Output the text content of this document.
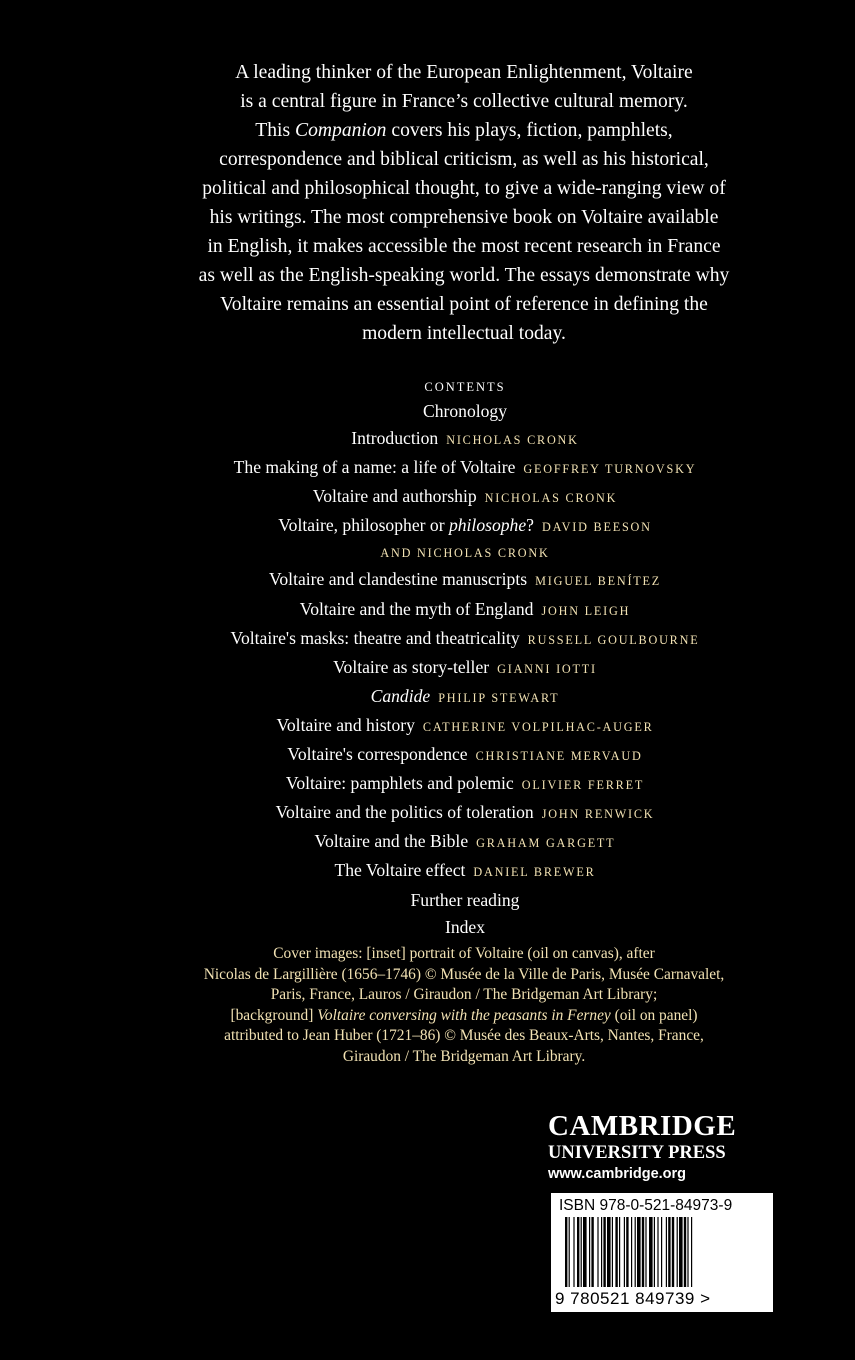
A leading thinker of the European Enlightenment, Voltaire
is a central figure in France’s collective cultural memory.
This Companion covers his plays, fiction, pamphlets,
correspondence and biblical criticism, as well as his historical,
political and philosophical thought, to give a wide-ranging view of
his writings. The most comprehensive book on Voltaire available
in English, it makes accessible the most recent research in France
as well as the English-speaking world. The essays demonstrate why
Voltaire remains an essential point of reference in defining the
modern intellectual today.
CONTENTS
Chronology
Introduction NICHOLAS CRONK
The making of a name: a life of Voltaire GEOFFREY TURNOVSKY
Voltaire and authorship NICHOLAS CRONK
Voltaire, philosopher or philosophe? DAVID BEESON
AND NICHOLAS CRONK
Voltaire and clandestine manuscripts MIGUEL BENÍTEZ
Voltaire and the myth of England JOHN LEIGH
Voltaire's masks: theatre and theatricality RUSSELL GOULBOURNE
Voltaire as story-teller GIANNI IOTTI
Candide PHILIP STEWART
Voltaire and history CATHERINE VOLPILHAC-AUGER
Voltaire's correspondence CHRISTIANE MERVAUD
Voltaire: pamphlets and polemic OLIVIER FERRET
Voltaire and the politics of toleration JOHN RENWICK
Voltaire and the Bible GRAHAM GARGETT
The Voltaire effect DANIEL BREWER
Further reading
Index
Cover images: [inset] portrait of Voltaire (oil on canvas), after
Nicolas de Largillière (1656–1746) © Musée de la Ville de Paris, Musée Carnavalet,
Paris, France, Lauros / Giraudon / The Bridgeman Art Library;
[background] Voltaire conversing with the peasants in Ferney (oil on panel)
attributed to Jean Huber (1721–86) © Musée des Beaux-Arts, Nantes, France,
Giraudon / The Bridgeman Art Library.
CAMBRIDGE
UNIVERSITY PRESS
www.cambridge.org
ISBN 978-0-521-84973-9
9 780521 849739 >
